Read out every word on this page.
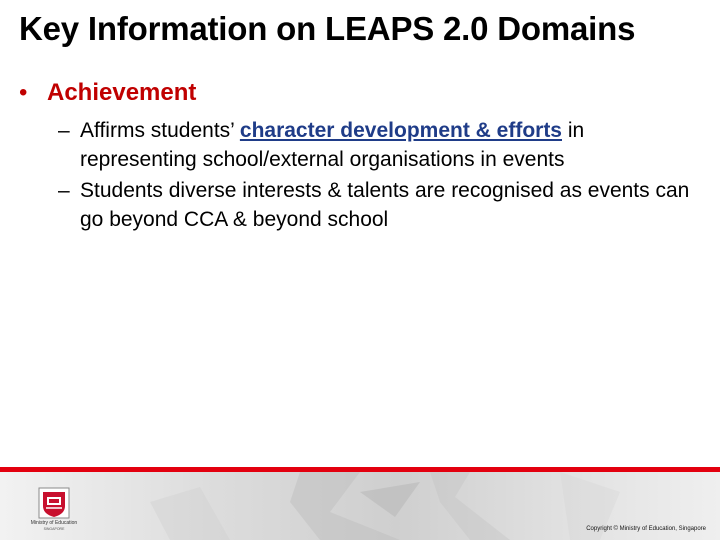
Key Information on LEAPS 2.0 Domains
• Achievement
– Affirms students’ character development & efforts in representing school/external organisations in events
– Students diverse interests & talents are recognised as events can go beyond CCA & beyond school
Ministry of Education
SINGAPORE	Copyright © Ministry of Education, Singapore
